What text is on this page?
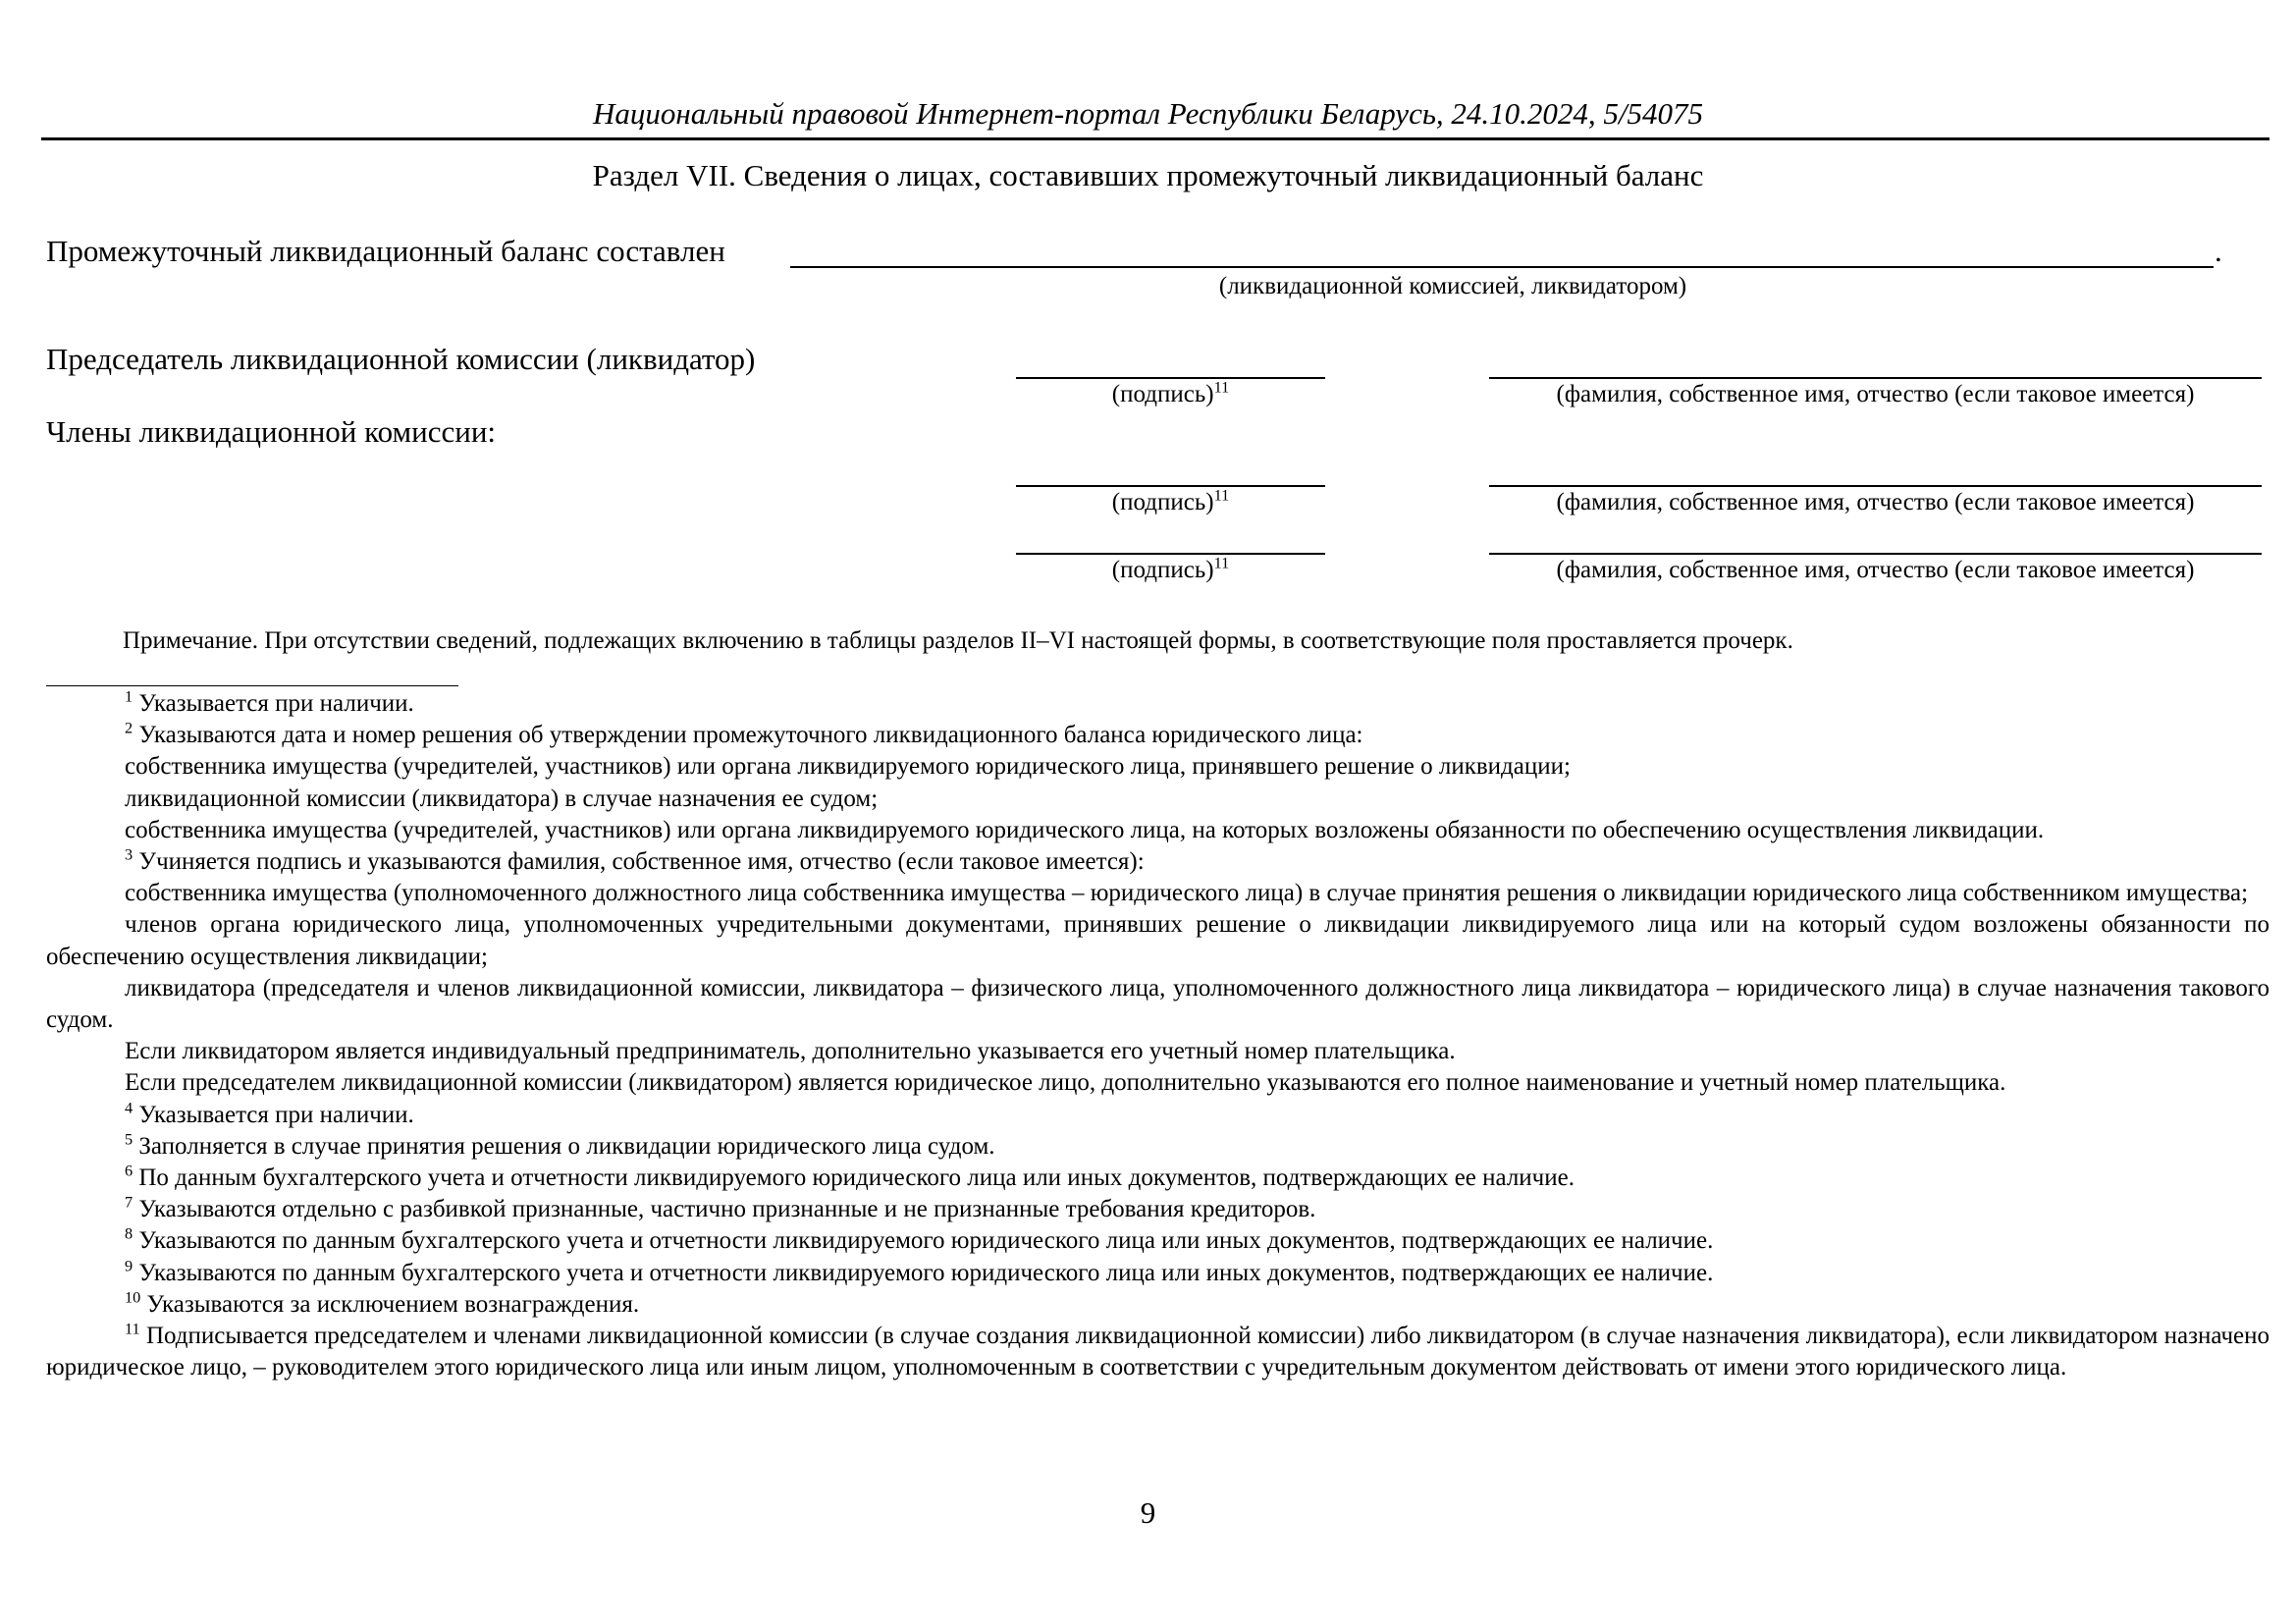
Национальный правовой Интернет-портал Республики Беларусь, 24.10.2024, 5/54075
Раздел VII. Сведения о лицах, составивших промежуточный ликвидационный баланс
Промежуточный ликвидационный баланс составлен	.
(ликвидационной комиссией, ликвидатором)
Председатель ликвидационной комиссии (ликвидатор)
(подпись)$^{11}$	(фамилия, собственное имя, отчество (если таковое имеется)
Члены ликвидационной комиссии:
(подпись)$^{11}$	(фамилия, собственное имя, отчество (если таковое имеется)
(подпись)$^{11}$	(фамилия, собственное имя, отчество (если таковое имеется)
Примечание. При отсутствии сведений, подлежащих включению в таблицы разделов II–VI настоящей формы, в соответствующие поля проставляется прочерк.

$^1$ Указывается при наличии.

$^2$ Указываются дата и номер решения об утверждении промежуточного ликвидационного баланса юридического лица:

собственника имущества (учредителей, участников) или органа ликвидируемого юридического лица, принявшего решение о ликвидации;

ликвидационной комиссии (ликвидатора) в случае назначения ее судом;

собственника имущества (учредителей, участников) или органа ликвидируемого юридического лица, на которых возложены обязанности по обеспечению осуществления ликвидации.

$^3$ Учиняется подпись и указываются фамилия, собственное имя, отчество (если таковое имеется):

собственника имущества (уполномоченного должностного лица собственника имущества – юридического лица) в случае принятия решения о ликвидации юридического лица собственником имущества;

членов органа юридического лица, уполномоченных учредительными документами, принявших решение о ликвидации ликвидируемого лица или на который судом возложены обязанности по обеспечению осуществления ликвидации;

ликвидатора (председателя и членов ликвидационной комиссии, ликвидатора – физического лица, уполномоченного должностного лица ликвидатора – юридического лица) в случае назначения такового судом.

Если ликвидатором является индивидуальный предприниматель, дополнительно указывается его учетный номер плательщика.

Если председателем ликвидационной комиссии (ликвидатором) является юридическое лицо, дополнительно указываются его полное наименование и учетный номер плательщика.

$^4$ Указывается при наличии.

$^5$ Заполняется в случае принятия решения о ликвидации юридического лица судом.

$^6$ По данным бухгалтерского учета и отчетности ликвидируемого юридического лица или иных документов, подтверждающих ее наличие.

$^7$ Указываются отдельно с разбивкой признанные, частично признанные и не признанные требования кредиторов.

$^8$ Указываются по данным бухгалтерского учета и отчетности ликвидируемого юридического лица или иных документов, подтверждающих ее наличие.

$^9$ Указываются по данным бухгалтерского учета и отчетности ликвидируемого юридического лица или иных документов, подтверждающих ее наличие.

$^{10}$ Указываются за исключением вознаграждения.

$^{11}$ Подписывается председателем и членами ликвидационной комиссии (в случае создания ликвидационной комиссии) либо ликвидатором (в случае назначения ликвидатора), если ликвидатором назначено юридическое лицо, – руководителем этого юридического лица или иным лицом, уполномоченным в соответствии с учредительным документом действовать от имени этого юридического лица.

9
